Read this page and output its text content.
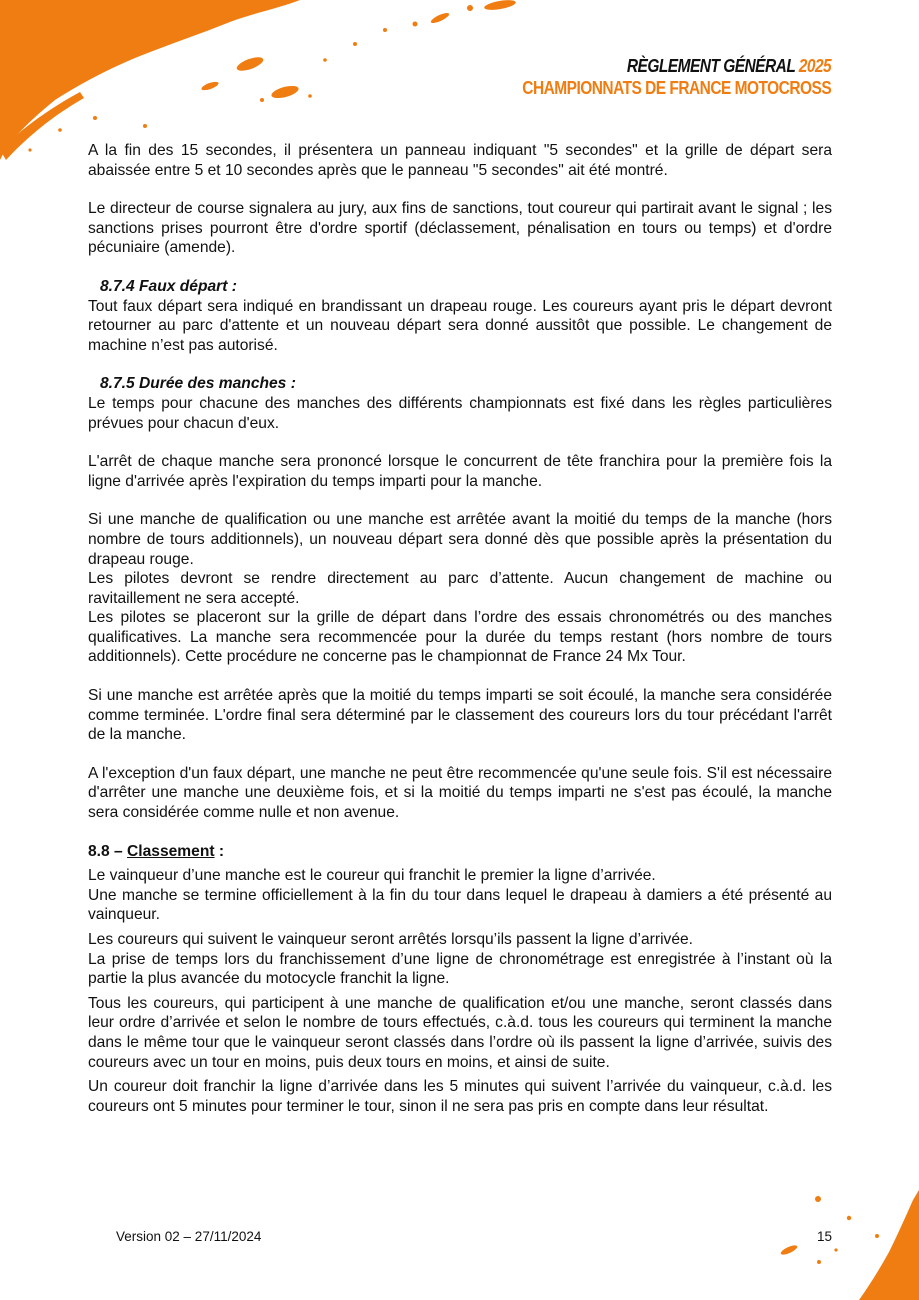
RÈGLEMENT GÉNÉRAL 2025
CHAMPIONNATS DE FRANCE MOTOCROSS

A la fin des 15 secondes, il présentera un panneau indiquant "5 secondes" et la grille de départ sera abaissée entre 5 et 10 secondes après que le panneau "5 secondes" ait été montré.

Le directeur de course signalera au jury, aux fins de sanctions, tout coureur qui partirait avant le signal ; les sanctions prises pourront être d'ordre sportif (déclassement, pénalisation en tours ou temps) et d'ordre pécuniaire (amende).

8.7.4 Faux départ :

Tout faux départ sera indiqué en brandissant un drapeau rouge. Les coureurs ayant pris le départ devront retourner au parc d'attente et un nouveau départ sera donné aussitôt que possible. Le changement de machine n’est pas autorisé.

8.7.5 Durée des manches :

Le temps pour chacune des manches des différents championnats est fixé dans les règles particulières prévues pour chacun d'eux.

L'arrêt de chaque manche sera prononcé lorsque le concurrent de tête franchira pour la première fois la ligne d'arrivée après l'expiration du temps imparti pour la manche.

Si une manche de qualification ou une manche est arrêtée avant la moitié du temps de la manche (hors nombre de tours additionnels), un nouveau départ sera donné dès que possible après la présentation du drapeau rouge.

Les pilotes devront se rendre directement au parc d’attente. Aucun changement de machine ou ravitaillement ne sera accepté.

Les pilotes se placeront sur la grille de départ dans l’ordre des essais chronométrés ou des manches qualificatives. La manche sera recommencée pour la durée du temps restant (hors nombre de tours additionnels). Cette procédure ne concerne pas le championnat de France 24 Mx Tour.

Si une manche est arrêtée après que la moitié du temps imparti se soit écoulé, la manche sera considérée comme terminée. L'ordre final sera déterminé par le classement des coureurs lors du tour précédant l'arrêt de la manche.

A l'exception d'un faux départ, une manche ne peut être recommencée qu'une seule fois. S'il est nécessaire d'arrêter une manche une deuxième fois, et si la moitié du temps imparti ne s'est pas écoulé, la manche sera considérée comme nulle et non avenue.

8.8 – Classement :

Le vainqueur d’une manche est le coureur qui franchit le premier la ligne d’arrivée.

Une manche se termine officiellement à la fin du tour dans lequel le drapeau à damiers a été présenté au vainqueur.

Les coureurs qui suivent le vainqueur seront arrêtés lorsqu’ils passent la ligne d’arrivée.

La prise de temps lors du franchissement d’une ligne de chronométrage est enregistrée à l’instant où la partie la plus avancée du motocycle franchit la ligne.

Tous les coureurs, qui participent à une manche de qualification et/ou une manche, seront classés dans leur ordre d’arrivée et selon le nombre de tours effectués, c.à.d. tous les coureurs qui terminent la manche dans le même tour que le vainqueur seront classés dans l’ordre où ils passent la ligne d’arrivée, suivis des coureurs avec un tour en moins, puis deux tours en moins, et ainsi de suite.

Un coureur doit franchir la ligne d’arrivée dans les 5 minutes qui suivent l’arrivée du vainqueur, c.à.d. les coureurs ont 5 minutes pour terminer le tour, sinon il ne sera pas pris en compte dans leur résultat.

Version 02 – 27/11/2024	15
